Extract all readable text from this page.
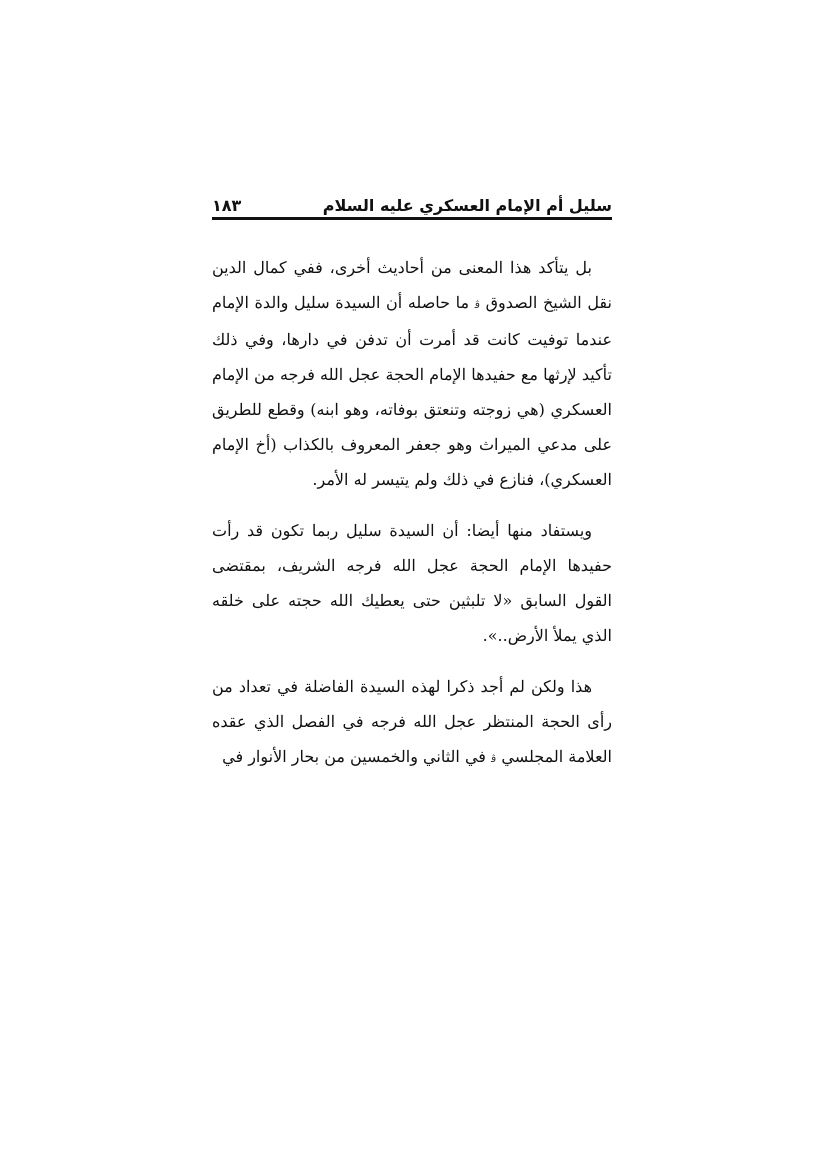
سليل أم الإمام العسكري عليه السلام
١٨٣

بل يتأكد هذا المعنى من أحاديث أخرى، ففي كمال الدين نقل الشيخ الصدوق ﭬ ما حاصله أن السيدة سليل والدة الإمام عندما توفيت كانت قد أمرت أن تدفن في دارها، وفي ذلك تأكيد لإرثها مع حفيدها الإمام الحجة عجل الله فرجه من الإمام العسكري (هي زوجته وتنعتق بوفاته، وهو ابنه) وقطع للطريق على مدعي الميراث وهو جعفر المعروف بالكذاب (أخ الإمام العسكري)، فنازع في ذلك ولم يتيسر له الأمر.

ويستفاد منها أيضا: أن السيدة سليل ربما تكون قد رأت حفيدها الإمام الحجة عجل الله فرجه الشريف، بمقتضى القول السابق «لا تلبثين حتى يعطيك الله حجته على خلقه الذي يملأ الأرض..».

هذا ولكن لم أجد ذكرا لهذه السيدة الفاضلة في تعداد من رأى الحجة المنتظر عجل الله فرجه في الفصل الذي عقده العلامة المجلسي ﭬ في الثاني والخمسين من بحار الأنوار في
